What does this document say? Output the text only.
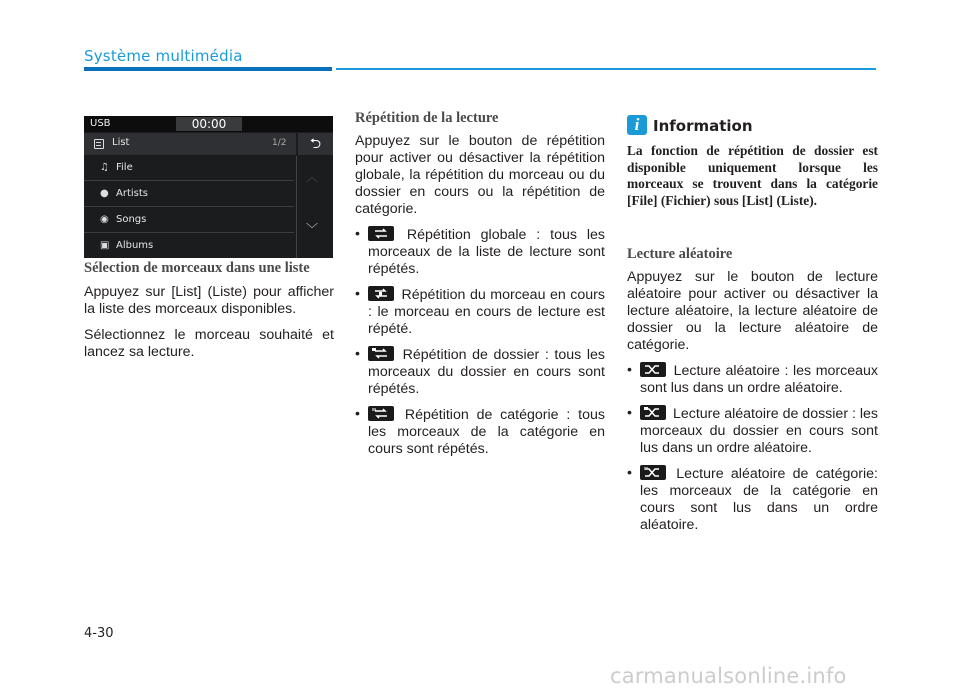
Système multimédia
USB	00:00
List	1/2	⮌
♫ File
● Artists
◉ Songs
▣ Albums
︿
﹀
Sélection de morceaux dans une liste
Appuyez sur [List] (Liste) pour afficher la liste des morceaux disponibles.
Sélectionnez le morceau souhaité et lancez sa lecture.
Répétition de la lecture
Appuyez sur le bouton de répétition pour activer ou désactiver la répétition globale, la répétition du morceau ou du dossier en cours ou la répétition de catégorie.
•	Répétition globale : tous les morceaux de la liste de lecture sont répétés.
•	Répétition du morceau en cours : le morceau en cours de lecture est répété.
•	Répétition de dossier : tous les morceaux du dossier en cours sont répétés.
•	Répétition de catégorie : tous les morceaux de la catégorie en cours sont répétés.
i Information
La fonction de répétition de dossier est disponible uniquement lorsque les morceaux se trouvent dans la catégorie [File] (Fichier) sous [List] (Liste).
Lecture aléatoire
Appuyez sur le bouton de lecture aléatoire pour activer ou désactiver la lecture aléatoire, la lecture aléatoire de dossier ou la lecture aléatoire de catégorie.
•	Lecture aléatoire : les morceaux sont lus dans un ordre aléatoire.
•	Lecture aléatoire de dossier : les morceaux du dossier en cours sont lus dans un ordre aléatoire.
•	Lecture aléatoire de catégorie: les morceaux de la catégorie en cours sont lus dans un ordre aléatoire.
4-30
carmanualsonline.info
